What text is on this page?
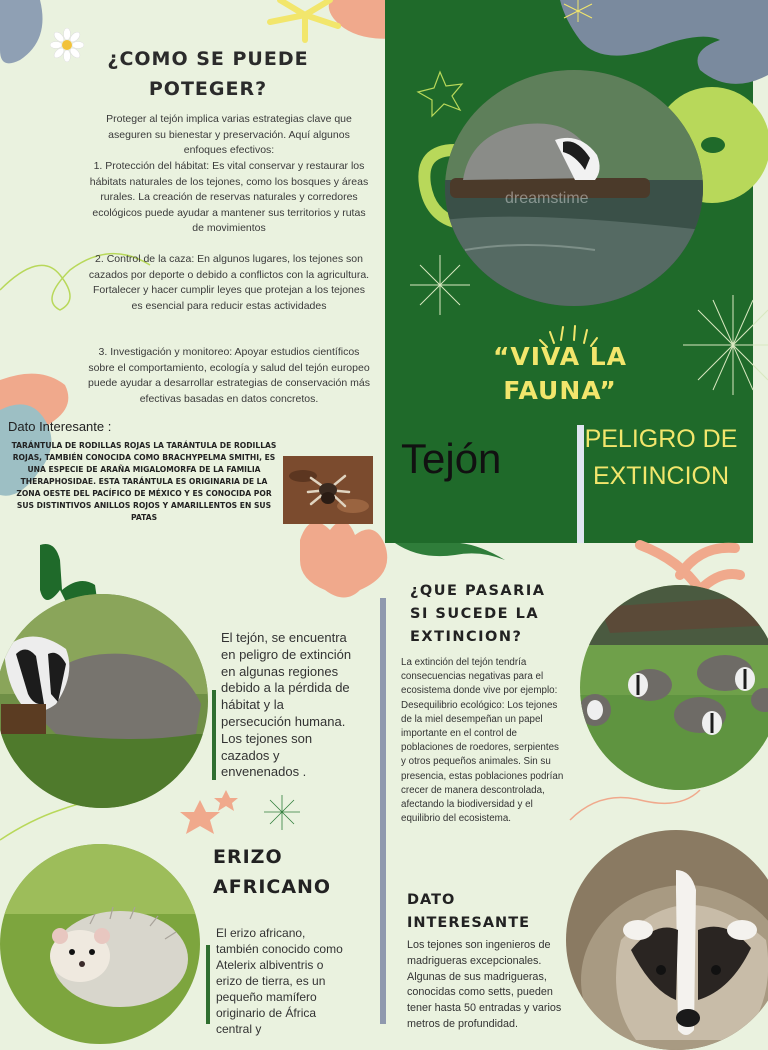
¿COMO SE PUEDE POTEGER?
Proteger al tejón implica varias estrategias clave que aseguren su bienestar y preservación. Aquí algunos enfoques efectivos:
1. Protección del hábitat: Es vital conservar y restaurar los hábitats naturales de los tejones, como los bosques y áreas rurales. La creación de reservas naturales y corredores ecológicos puede ayudar a mantener sus territorios y rutas de movimientos
2. Control de la caza: En algunos lugares, los tejones son cazados por deporte o debido a conflictos con la agricultura. Fortalecer y hacer cumplir leyes que protejan a los tejones es esencial para reducir estas actividades
3. Investigación y monitoreo: Apoyar estudios científicos sobre el comportamiento, ecología y salud del tejón europeo puede ayudar a desarrollar estrategias de conservación más efectivas basadas en datos concretos.
Dato Interesante :
TARÁNTULA DE RODILLAS ROJAS LA TARÁNTULA DE RODILLAS ROJAS, TAMBIÉN CONOCIDA COMO BRACHYPELMA SMITHI, ES UNA ESPECIE DE ARAÑA MIGALOMORFA DE LA FAMILIA THERAPHOSIDAE. ESTA TARÁNTULA ES ORIGINARIA DE LA ZONA OESTE DEL PACÍFICO DE MÉXICO Y ES CONOCIDA POR SUS DISTINTIVOS ANILLOS ROJOS Y AMARILLENTOS EN SUS PATAS
dreamstime
“VIVA LA FAUNA”
Tejón	PELIGRO DE EXTINCION
El tejón, se encuentra en peligro de extinción en algunas regiones debido a la pérdida de hábitat y la persecución humana. Los tejones son cazados y envenenados .
ERIZO AFRICANO
El erizo africano, también conocido como Atelerix albiventris o erizo de tierra, es un pequeño mamífero originario de África central y
¿QUE PASARIA SI SUCEDE LA EXTINCION?
La extinción del tejón tendría consecuencias negativas para el ecosistema donde vive por ejemplo: Desequilibrio ecológico: Los tejones de la miel desempeñan un papel importante en el control de poblaciones de roedores, serpientes y otros pequeños animales. Sin su presencia, estas poblaciones podrían crecer de manera descontrolada, afectando la biodiversidad y el equilibrio del ecosistema.
DATO INTERESANTE
Los tejones son ingenieros de madrigueras excepcionales. Algunas de sus madrigueras, conocidas como setts, pueden tener hasta 50 entradas y varios metros de profundidad.
